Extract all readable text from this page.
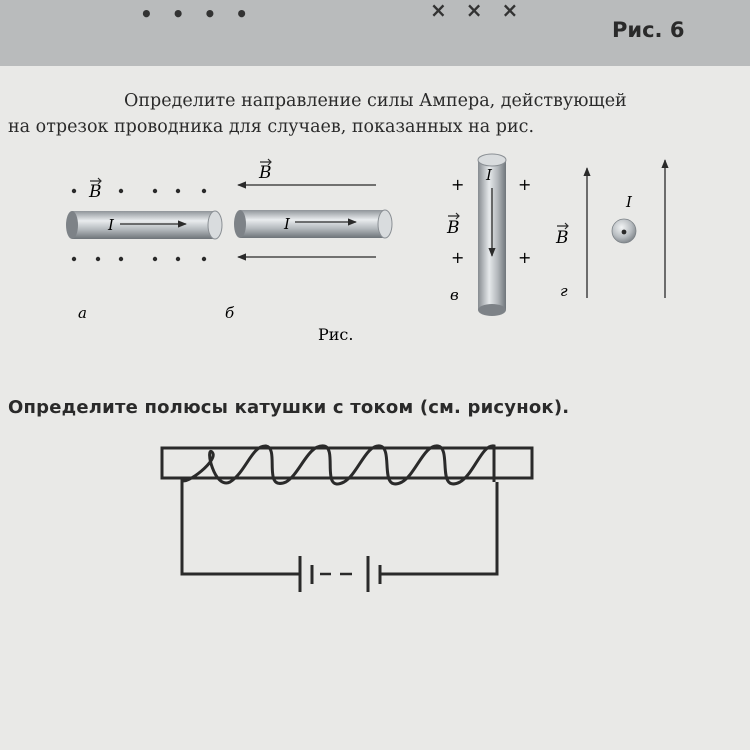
• • • •	× × ×
Рис. 6
Определите направление силы Ампера, действующей
на отрезок проводника для случаев, показанных на рис.
Определите полюсы катушки с током (см. рисунок).
B
I
а
B
I
б
+	+
B
+	+
I
в
B
I
г
Рис.
